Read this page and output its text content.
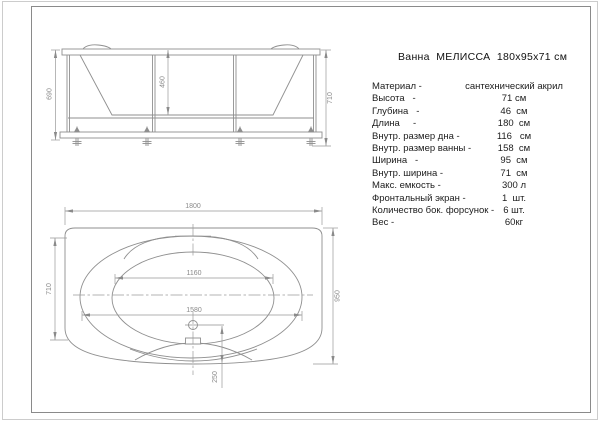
690
460
710
1800
710
950
1160
1580
250
Ванна  МЕЛИССА  180x95x71 см
Материал -	сантехнический акрил
Высота   -	71 см
Глубина   -	46  см
Длина     -	180  см
Внутр. размер дна -	116   см
Внутр. размер ванны -	158  см
Ширина   -	95  см
Внутр. ширина -	71  см
Макс. емкость -	300 л
Фронтальный экран -	1  шт.
Количество бок. форсунок - 6 шт.
Вес -	60кг
